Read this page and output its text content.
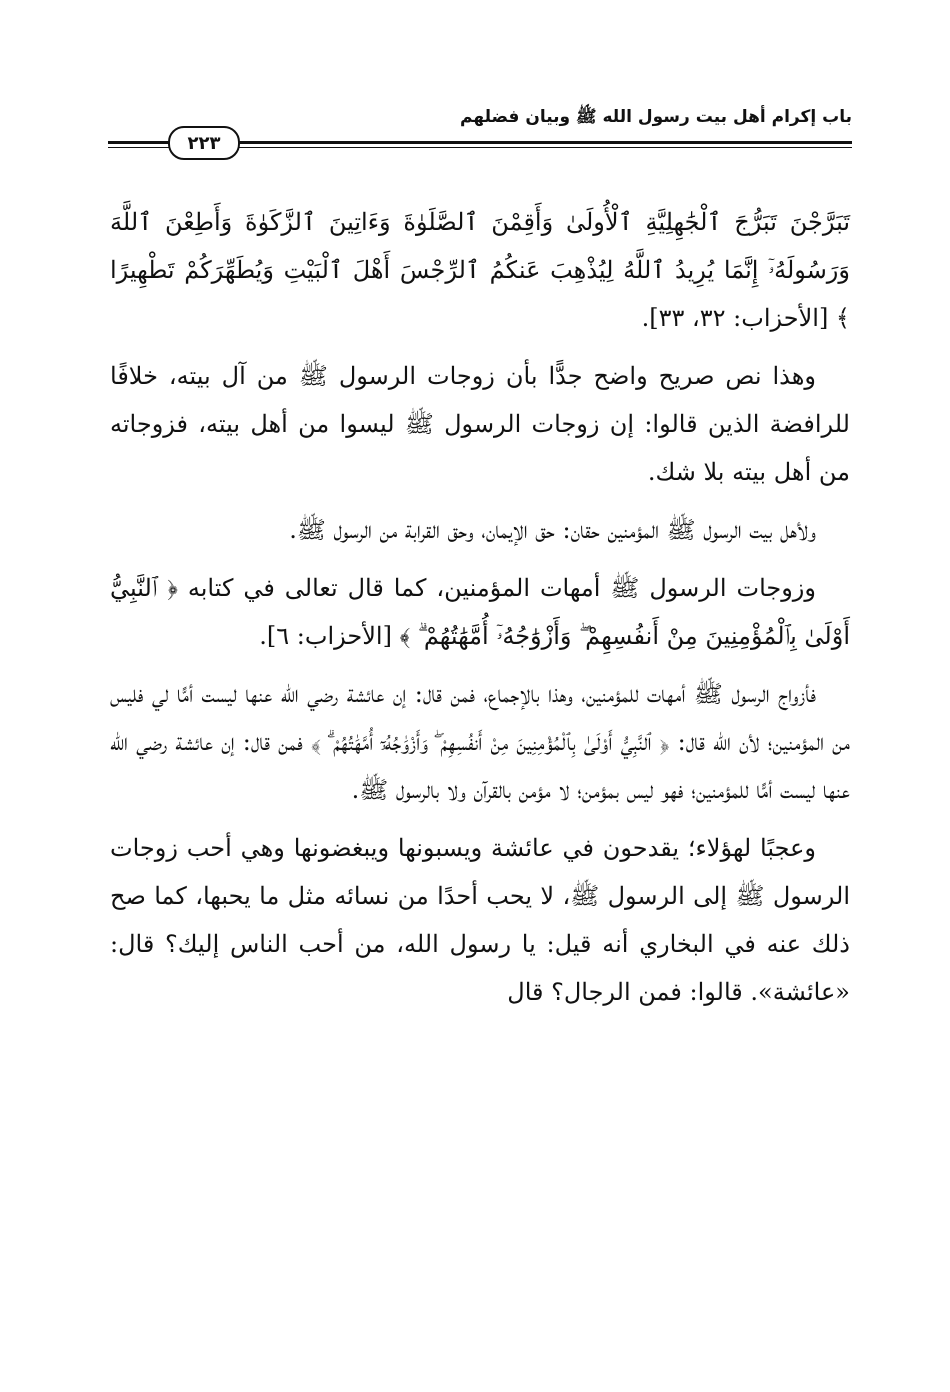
باب إكرام أهل بيت رسول الله ﷺ وبيان فضلهم
٢٢٣

تَبَرَّجْنَ تَبَرُّجَ ٱلْجَٰهِلِيَّةِ ٱلْأُولَىٰ وَأَقِمْنَ ٱلصَّلَوٰةَ وَءَاتِينَ ٱلزَّكَوٰةَ وَأَطِعْنَ ٱللَّهَ وَرَسُولَهُۥٓ إِنَّمَا يُرِيدُ ٱللَّهُ لِيُذْهِبَ عَنكُمُ ٱلرِّجْسَ أَهْلَ ٱلْبَيْتِ وَيُطَهِّرَكُمْ تَطْهِيرًا ﴾ [الأحزاب: ٣٢، ٣٣].

وهذا نص صريح واضح جدًّا بأن زوجات الرسول ﷺ من آل بيته، خلافًا للرافضة الذين قالوا: إن زوجات الرسول ﷺ ليسوا من أهل بيته، فزوجاته من أهل بيته بلا شك.

ولأهل بيت الرسول ﷺ المؤمنين حقان: حق الإيمان، وحق القرابة من الرسول ﷺ.

وزوجات الرسول ﷺ أمهات المؤمنين، كما قال تعالى في كتابه ﴿ ٱلنَّبِيُّ أَوْلَىٰ بِٱلْمُؤْمِنِينَ مِنْ أَنفُسِهِمْ ۖ وَأَزْوَٰجُهُۥٓ أُمَّهَٰتُهُمْ ۗ ﴾ [الأحزاب: ٦].

فأزواج الرسول ﷺ أمهات للمؤمنين، وهذا بالإجماع، فمن قال: إن عائشة رضي الله عنها ليست أمًّا لي فليس من المؤمنين؛ لأن الله قال: ﴿ ٱلنَّبِيُّ أَوْلَىٰ بِٱلْمُؤْمِنِينَ مِنْ أَنفُسِهِمْ ۖ وَأَزْوَٰجُهُۥٓ أُمَّهَٰتُهُمْ ۗ ﴾ فمن قال: إن عائشة رضي الله عنها ليست أمًّا للمؤمنين؛ فهو ليس بمؤمن؛ لا مؤمن بالقرآن ولا بالرسول ﷺ.

وعجبًا لهؤلاء؛ يقدحون في عائشة ويسبونها ويبغضونها وهي أحب زوجات الرسول ﷺ إلى الرسول ﷺ، لا يحب أحدًا من نسائه مثل ما يحبها، كما صح ذلك عنه في البخاري أنه قيل: يا رسول الله، من أحب الناس إليك؟ قال: «عائشة». قالوا: فمن الرجال؟ قال
